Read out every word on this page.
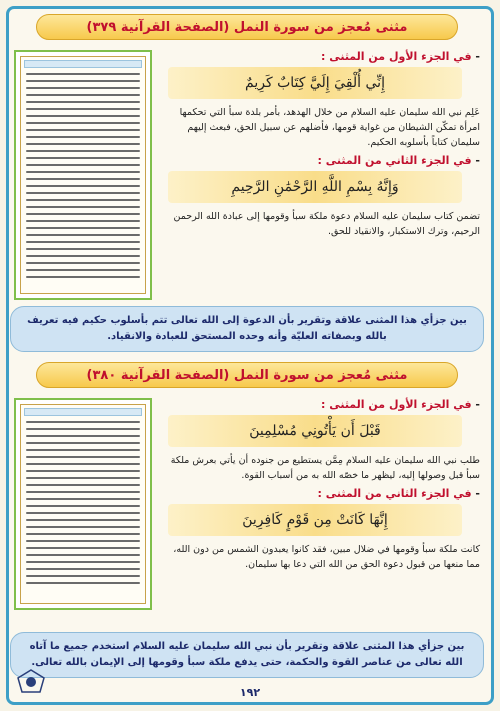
مثنى مُعجز من سورة النمل (الصفحة القرآنية ٣٧٩)
- في الجزء الأول من المثنى :
إِنِّي أُلْقِيَ إِلَيَّ كِتَابٌ كَرِيمٌ
عَلِم نبي الله سليمان عليه السلام من خلال الهدهد، بأمر بلدة سبأ التي تحكمها امرأة تمكّن الشيطان من غواية قومها، فأضلهم عن سبيل الحق، فبعث إليهم سليمان كتاباً بأسلوبه الحكيم.
- في الجزء الثاني من المثنى :
وَإِنَّهُ بِسْمِ اللَّهِ الرَّحْمَٰنِ الرَّحِيمِ
تضمن كتاب سليمان عليه السلام دعوة ملكة سبأ وقومها إلى عبادة الله الرحمن الرحيم، وترك الاستكبار، والانقياد للحق.
بين جزأي هذا المثنى علاقة وتقرير بأن الدعوة إلى الله تعالى تتم بأسلوب حكيم فيه تعريف بالله وبصفاته العليّة وأنه وحده المستحق للعبادة والانقياد.
مثنى مُعجز من سورة النمل (الصفحة القرآنية ٣٨٠)
- في الجزء الأول من المثنى :
قَبْلَ أَن يَأْتُونِي مُسْلِمِينَ
طلب نبي الله سليمان عليه السلام مِمَّن يستطيع من جنوده أن يأتي بعرش ملكة سبأ قبل وصولها إليه، ليظهر ما خصّه الله به من أسباب القوة.
- في الجزء الثاني من المثنى :
إِنَّهَا كَانَتْ مِن قَوْمٍ كَافِرِينَ
كانت ملكة سبأ وقومها في ضلال مبين، فقد كانوا يعبدون الشمس من دون الله، مما منعها من قبول دعوة الحق من الله التي دعا بها سليمان.
بين جزأي هذا المثنى علاقة وتقرير بأن نبي الله سليمان عليه السلام استخدم جميع ما آتاه الله تعالى من عناصر القوة والحكمة، حتى يدفع ملكة سبأ وقومها إلى الإيمان بالله تعالى.
١٩٢
